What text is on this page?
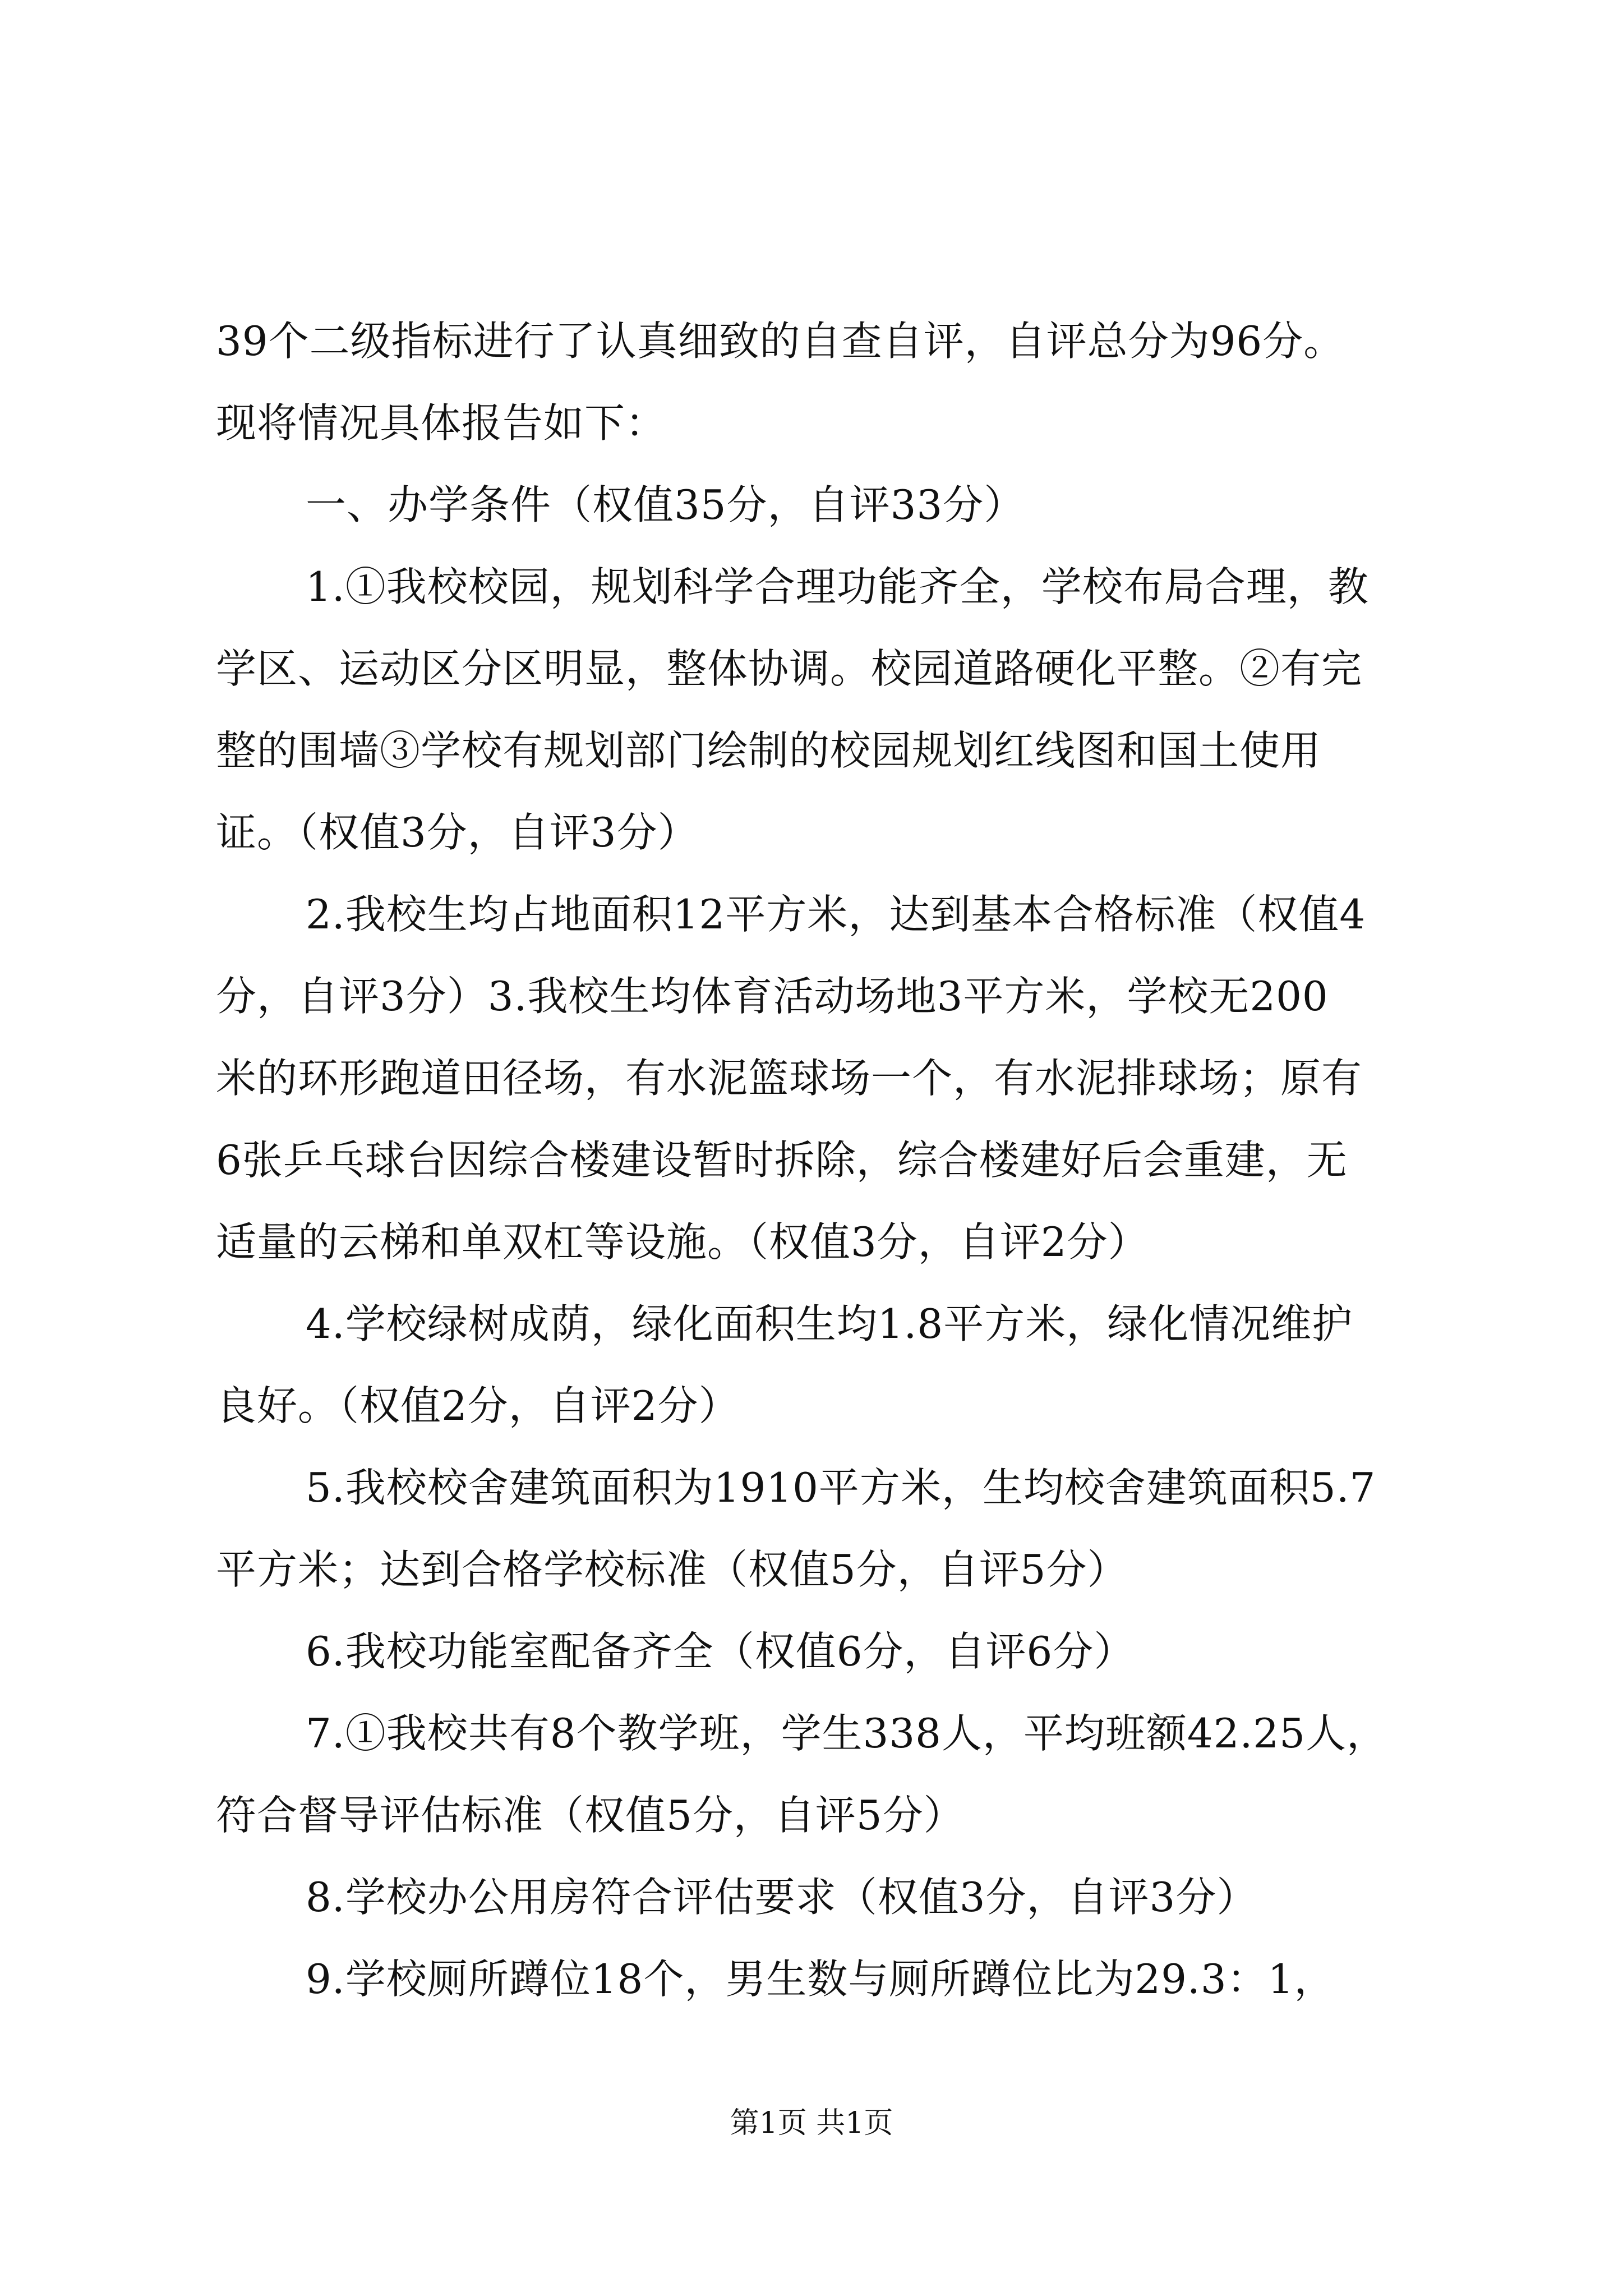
39个二级指标进行了认真细致的自查自评，自评总分为96分。
现将情况具体报告如下：
一、办学条件（权值35分，自评33分）
1.①我校校园，规划科学合理功能齐全，学校布局合理，教
学区、运动区分区明显，整体协调。校园道路硬化平整。②有完
整的围墙③学校有规划部门绘制的校园规划红线图和国土使用
证。（权值3分，自评3分）
2.我校生均占地面积12平方米，达到基本合格标准（权值4
分，自评3分）3.我校生均体育活动场地3平方米，学校无200
米的环形跑道田径场，有水泥篮球场一个，有水泥排球场；原有
6张乒乓球台因综合楼建设暂时拆除，综合楼建好后会重建，无
适量的云梯和单双杠等设施。（权值3分，自评2分）
4.学校绿树成荫，绿化面积生均1.8平方米，绿化情况维护
良好。（权值2分，自评2分）
5.我校校舍建筑面积为1910平方米，生均校舍建筑面积5.7
平方米；达到合格学校标准（权值5分，自评5分）
6.我校功能室配备齐全（权值6分，自评6分）
7.①我校共有8个教学班，学生338人，平均班额42.25人，
符合督导评估标准（权值5分，自评5分）
8.学校办公用房符合评估要求（权值3分，自评3分）
9.学校厕所蹲位18个，男生数与厕所蹲位比为29.3：1，
第1页 共1页
